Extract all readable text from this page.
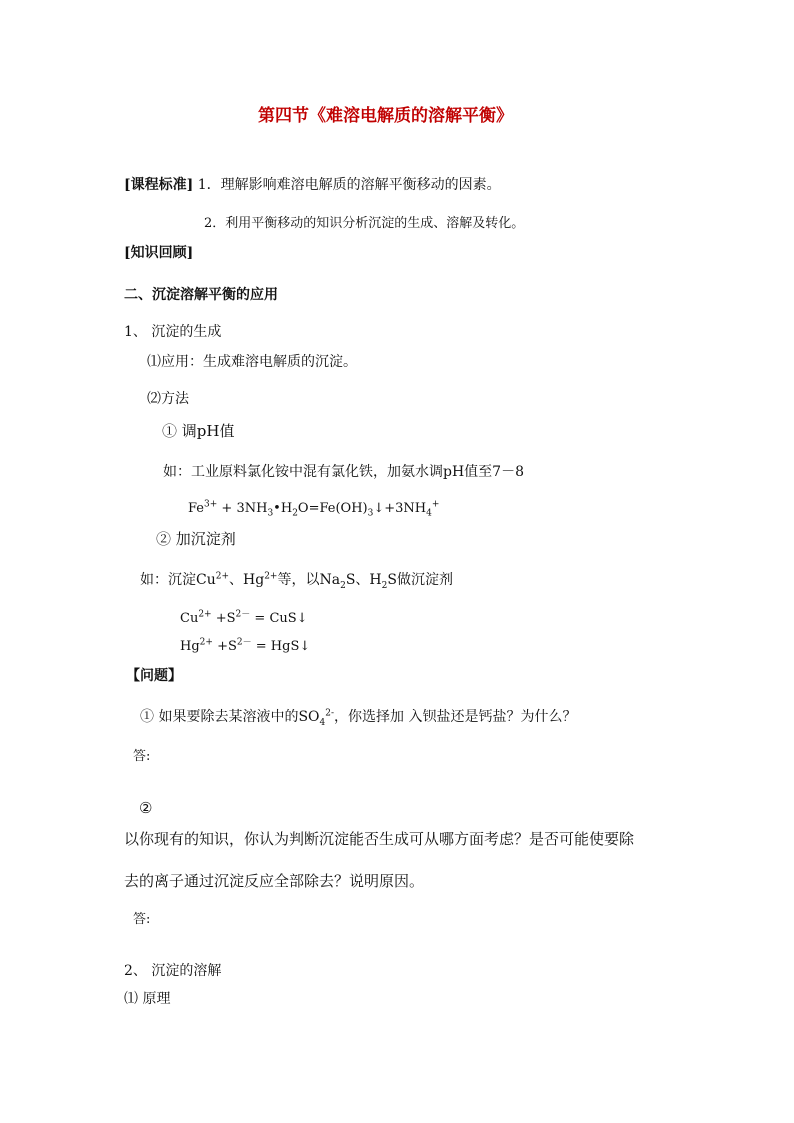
第四节《难溶电解质的溶解平衡》
[课程标准] 1．理解影响难溶电解质的溶解平衡移动的因素。
2．利用平衡移动的知识分析沉淀的生成、溶解及转化。
[知识回顾]
二、沉淀溶解平衡的应用
1、 沉淀的生成
⑴应用：生成难溶电解质的沉淀。
⑵方法
① 调pH值
如：工业原料氯化铵中混有氯化铁，加氨水调pH值至7－8
$Fe^{3+}$ + $3NH_3•H_2O=Fe(OH)_3↓+3NH_4^+$
② 加沉淀剂
如：沉淀$Cu^{2+}$、$Hg^{2+}$等，以$Na_2S$、$H_2S$做沉淀剂
$Cu^{2+} +S^{2-}$ = CuS↓
$Hg^{2+} +S^{2-}$ = HgS↓
【问题】
① 如果要除去某溶液中的$SO_4^{2-}$，你选择加 入钡盐还是钙盐？为什么？
答:
②
以你现有的知识，你认为判断沉淀能否生成可从哪方面考虑？是否可能使要除
去的离子通过沉淀反应全部除去？说明原因。
答:
2、 沉淀的溶解
⑴ 原理
